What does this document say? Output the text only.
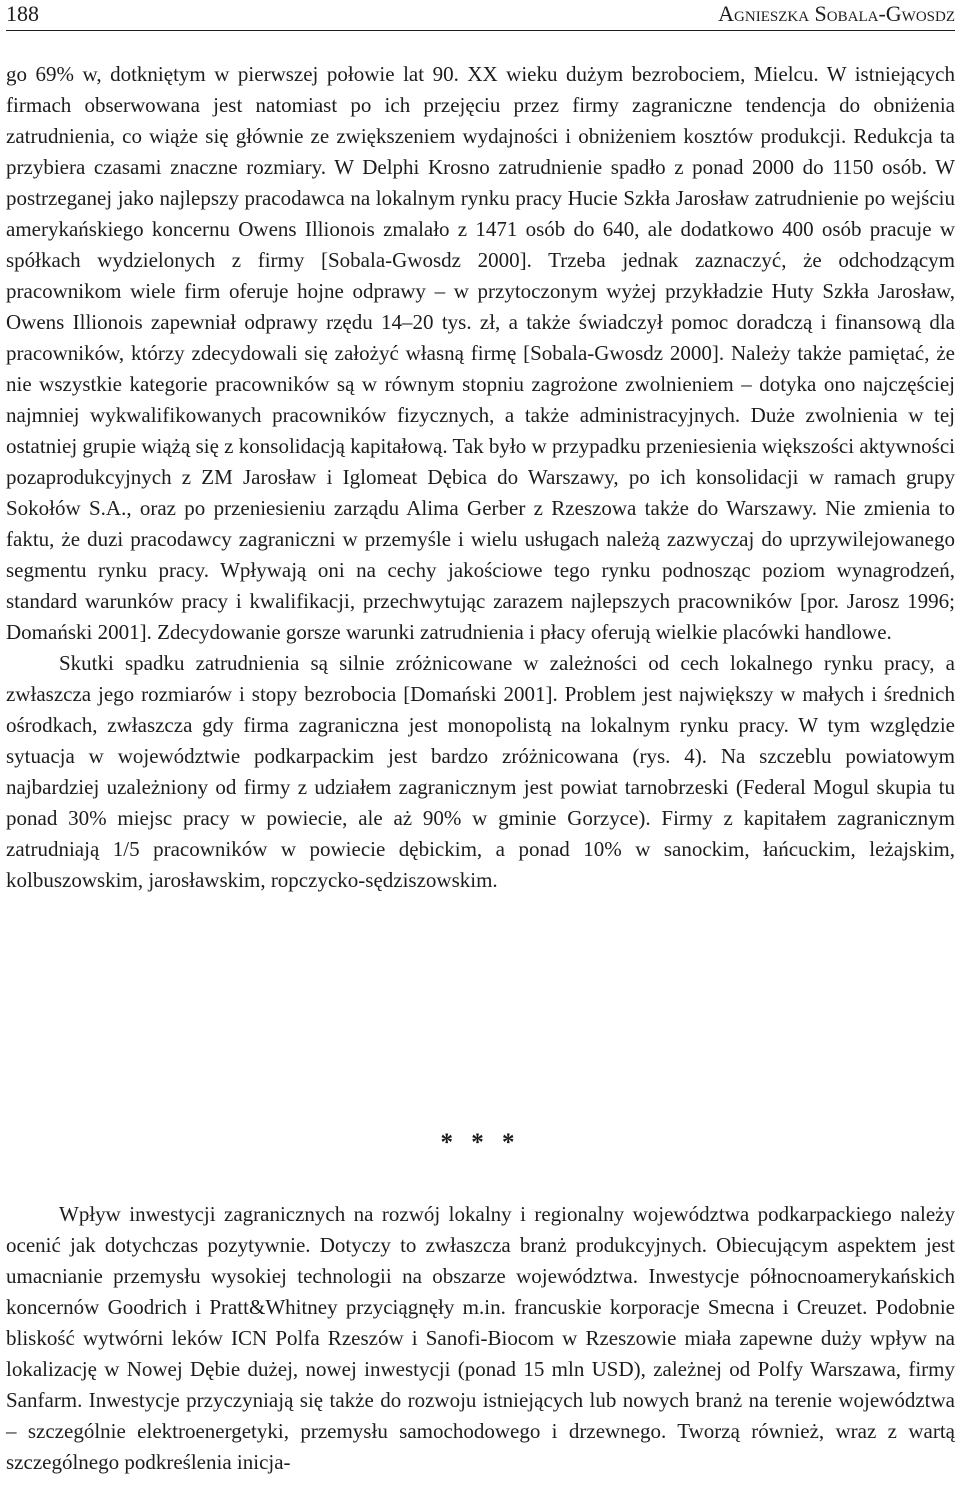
188	Agnieszka Sobala-Gwosdz

go 69% w, dotkniętym w pierwszej połowie lat 90. XX wieku dużym bezrobociem, Mielcu. W istniejących firmach obserwowana jest natomiast po ich przejęciu przez firmy zagraniczne tendencja do obniżenia zatrudnienia, co wiąże się głównie ze zwiększeniem wydajności i obniżeniem kosztów produkcji. Redukcja ta przybiera czasami znaczne rozmiary. W Delphi Krosno zatrudnienie spadło z ponad 2000 do 1150 osób. W postrzeganej jako najlepszy pracodawca na lokalnym rynku pracy Hucie Szkła Jarosław zatrudnienie po wejściu amerykańskiego koncernu Owens Illionois zmalało z 1471 osób do 640, ale dodatkowo 400 osób pracuje w spółkach wydzielonych z firmy [Sobala-Gwosdz 2000]. Trzeba jednak zaznaczyć, że odchodzącym pracownikom wiele firm oferuje hojne odprawy – w przytoczonym wyżej przykładzie Huty Szkła Jarosław, Owens Illionois zapewniał odprawy rzędu 14–20 tys. zł, a także świadczył pomoc doradczą i finansową dla pracowników, którzy zdecydowali się założyć własną firmę [Sobala-Gwosdz 2000]. Należy także pamiętać, że nie wszystkie kategorie pracowników są w równym stopniu zagrożone zwolnieniem – dotyka ono najczęściej najmniej wykwalifikowanych pracowników fizycznych, a także administracyjnych. Duże zwolnienia w tej ostatniej grupie wiążą się z konsolidacją kapitałową. Tak było w przypadku przeniesienia większości aktywności pozaprodukcyjnych z ZM Jarosław i Iglomeat Dębica do Warszawy, po ich konsolidacji w ramach grupy Sokołów S.A., oraz po przeniesieniu zarządu Alima Gerber z Rzeszowa także do Warszawy. Nie zmienia to faktu, że duzi pracodawcy zagraniczni w przemyśle i wielu usługach należą zazwyczaj do uprzywilejowanego segmentu rynku pracy. Wpływają oni na cechy jakościowe tego rynku podnosząc poziom wynagrodzeń, standard warunków pracy i kwalifikacji, przechwytując zarazem najlepszych pracowników [por. Jarosz 1996; Domański 2001]. Zdecydowanie gorsze warunki zatrudnienia i płacy oferują wielkie placówki handlowe.

Skutki spadku zatrudnienia są silnie zróżnicowane w zależności od cech lokalnego rynku pracy, a zwłaszcza jego rozmiarów i stopy bezrobocia [Domański 2001]. Problem jest największy w małych i średnich ośrodkach, zwłaszcza gdy firma zagraniczna jest monopolistą na lokalnym rynku pracy. W tym względzie sytuacja w województwie podkarpackim jest bardzo zróżnicowana (rys. 4). Na szczeblu powiatowym najbardziej uzależniony od firmy z udziałem zagranicznym jest powiat tarnobrzeski (Federal Mogul skupia tu ponad 30% miejsc pracy w powiecie, ale aż 90% w gminie Gorzyce). Firmy z kapitałem zagranicznym zatrudniają 1/5 pracowników w powiecie dębickim, a ponad 10% w sanockim, łańcuckim, leżajskim, kolbuszowskim, jarosławskim, ropczycko-sędziszowskim.

* * *

Wpływ inwestycji zagranicznych na rozwój lokalny i regionalny województwa podkarpackiego należy ocenić jak dotychczas pozytywnie. Dotyczy to zwłaszcza branż produkcyjnych. Obiecującym aspektem jest umacnianie przemysłu wysokiej technologii na obszarze województwa. Inwestycje północnoamerykańskich koncernów Goodrich i Pratt&Whitney przyciągnęły m.in. francuskie korporacje Smecna i Creuzet. Podobnie bliskość wytwórni leków ICN Polfa Rzeszów i Sanofi-Biocom w Rzeszowie miała zapewne duży wpływ na lokalizację w Nowej Dębie dużej, nowej inwestycji (ponad 15 mln USD), zależnej od Polfy Warszawa, firmy Sanfarm. Inwestycje przyczyniają się także do rozwoju istniejących lub nowych branż na terenie województwa – szczególnie elektroenergetyki, przemysłu samochodowego i drzewnego. Tworzą również, wraz z wartą szczególnego podkreślenia inicja-
